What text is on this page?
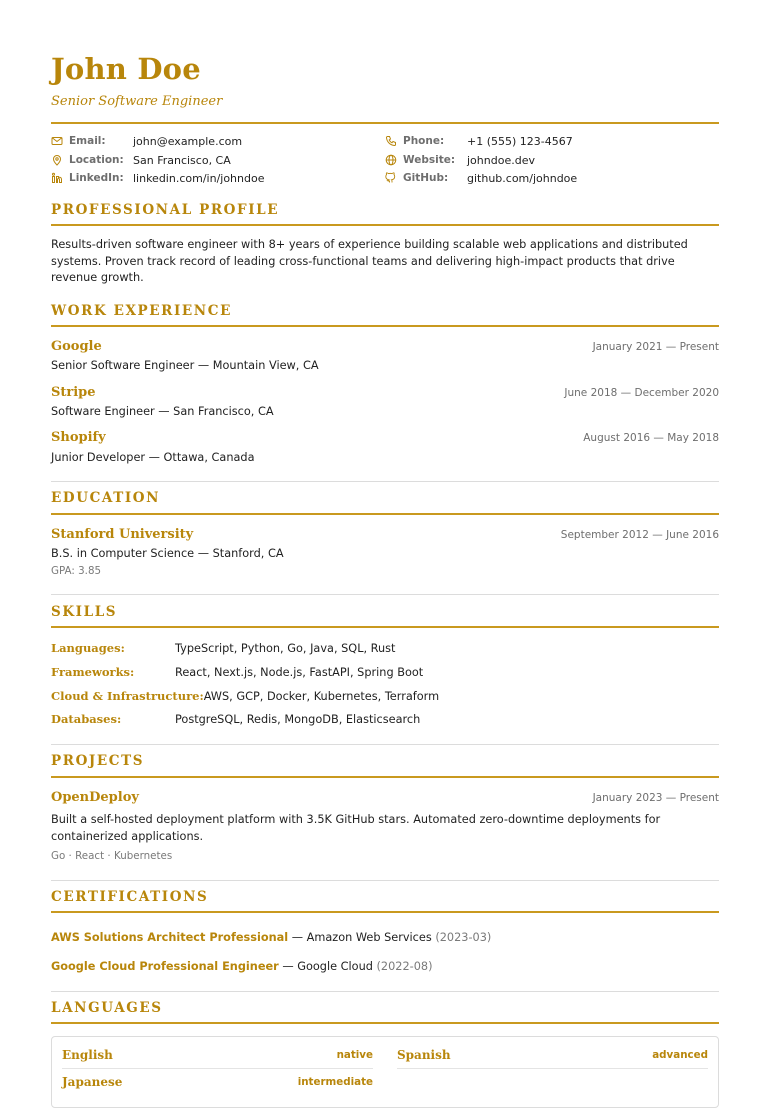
John Doe
Senior Software Engineer
Email:	john@example.com	Phone:	+1 (555) 123-4567
Location: San Francisco, CA	Website:	johndoe.dev
LinkedIn: linkedin.com/in/johndoe	GitHub:	github.com/johndoe
PROFESSIONAL PROFILE
Results-driven software engineer with 8+ years of experience building scalable web applications and distributed systems. Proven track record of leading cross-functional teams and delivering high-impact products that drive revenue growth.
WORK EXPERIENCE
Google	January 2021 — Present
Senior Software Engineer — Mountain View, CA
Stripe	June 2018 — December 2020
Software Engineer — San Francisco, CA
Shopify	August 2016 — May 2018
Junior Developer — Ottawa, Canada
EDUCATION
Stanford University	September 2012 — June 2016
B.S. in Computer Science — Stanford, CA
GPA: 3.85
SKILLS
Languages:	TypeScript, Python, Go, Java, SQL, Rust
Frameworks:	React, Next.js, Node.js, FastAPI, Spring Boot
Cloud & Infrastructure: AWS, GCP, Docker, Kubernetes, Terraform
Databases:	PostgreSQL, Redis, MongoDB, Elasticsearch
PROJECTS
OpenDeploy	January 2023 — Present
Built a self-hosted deployment platform with 3.5K GitHub stars. Automated zero-downtime deployments for containerized applications.
Go · React · Kubernetes
CERTIFICATIONS
AWS Solutions Architect Professional — Amazon Web Services (2023-03)
Google Cloud Professional Engineer — Google Cloud (2022-08)
LANGUAGES
English	native Spanish	advanced
Japanese	intermediate
